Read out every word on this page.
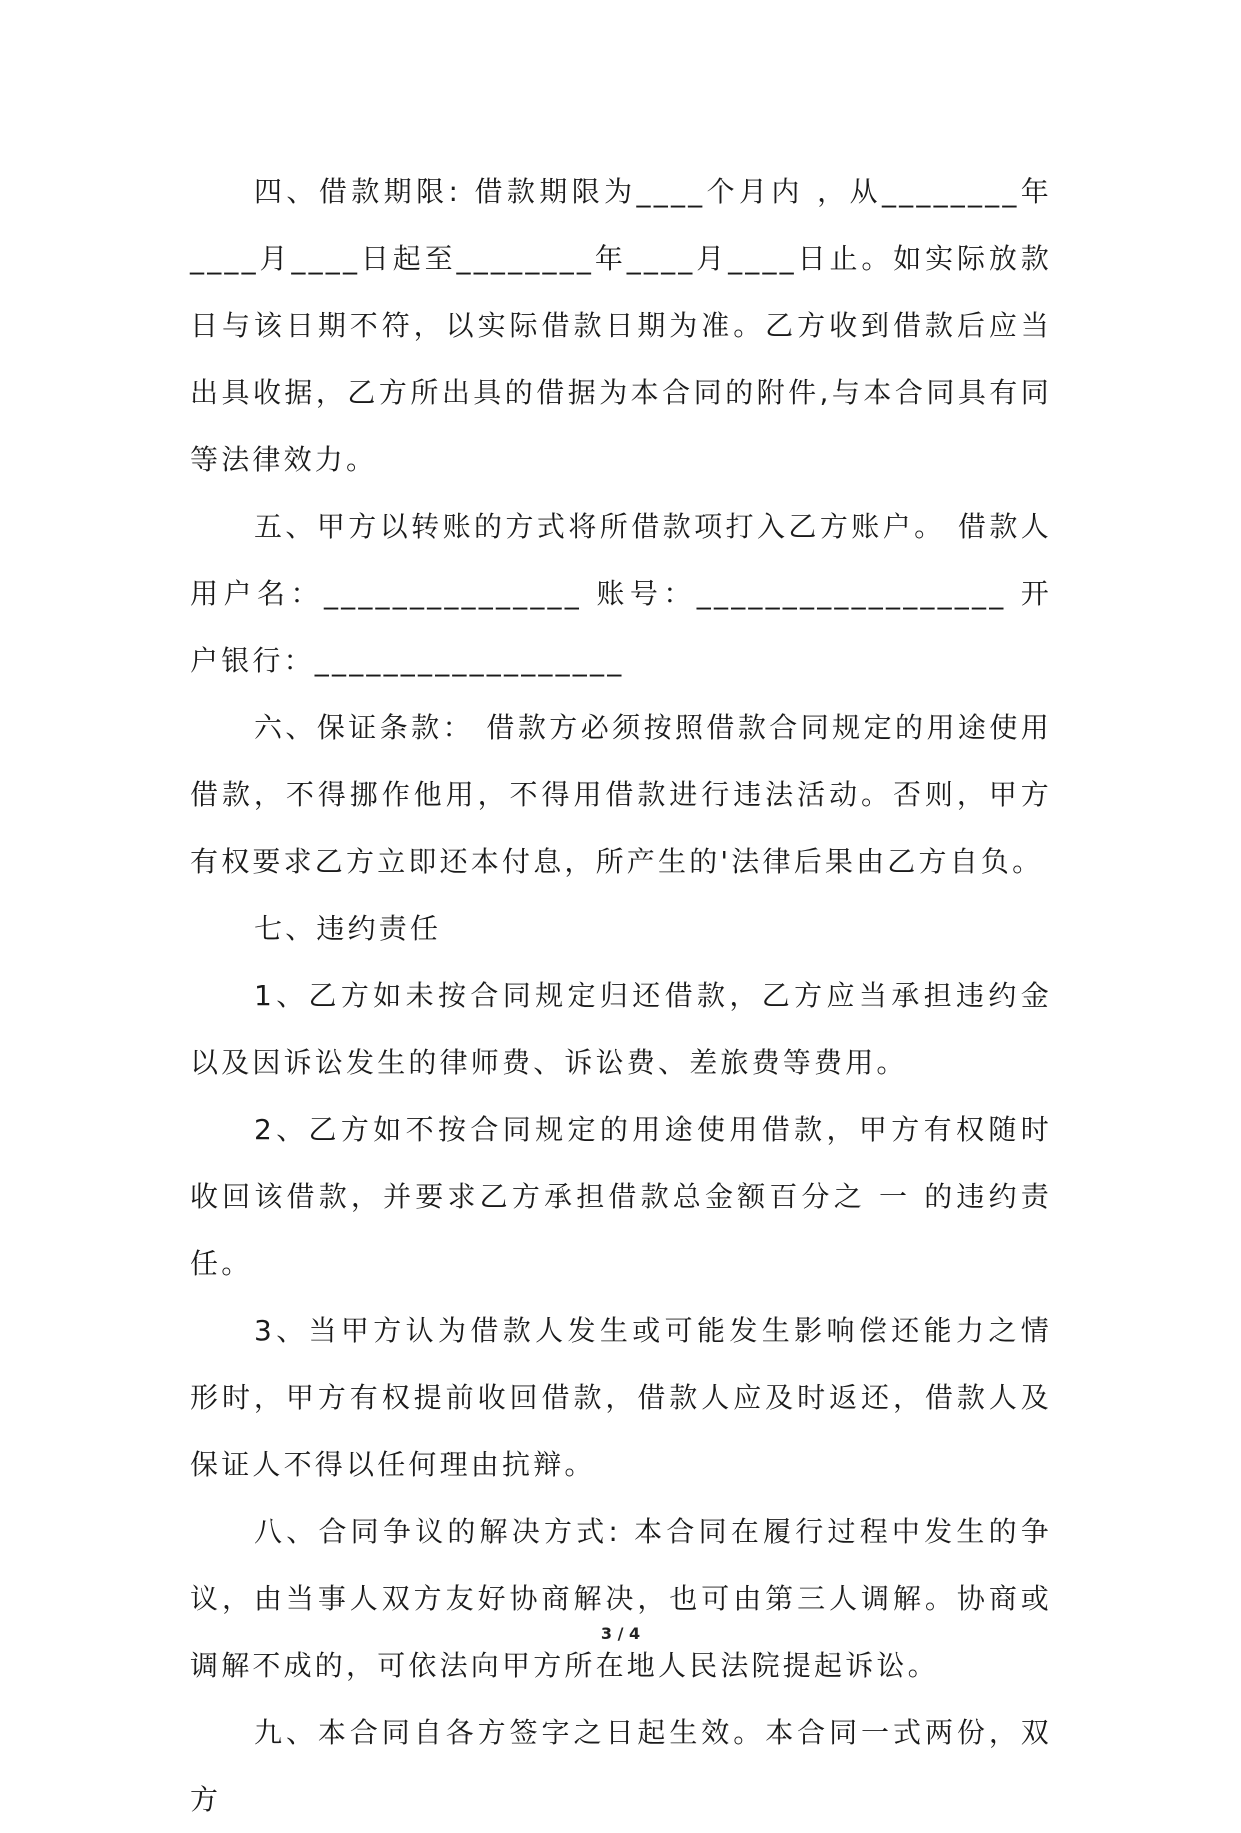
四、借款期限: 借款期限为____个月内 ，从________年____月____日起至________年____月____日止。如实际放款日与该日期不符，以实际借款日期为准。乙方收到借款后应当出具收据，乙方所出具的借据为本合同的附件,与本合同具有同等法律效力。

五、甲方以转账的方式将所借款项打入乙方账户。 借款人用户名：_______________ 账号：__________________ 开户银行：__________________

六、保证条款： 借款方必须按照借款合同规定的用途使用借款，不得挪作他用，不得用借款进行违法活动。否则，甲方有权要求乙方立即还本付息，所产生的'法律后果由乙方自负。

七、违约责任

1、乙方如未按合同规定归还借款，乙方应当承担违约金以及因诉讼发生的律师费、诉讼费、差旅费等费用。

2、乙方如不按合同规定的用途使用借款，甲方有权随时收回该借款，并要求乙方承担借款总金额百分之 一 的违约责任。

3、当甲方认为借款人发生或可能发生影响偿还能力之情形时，甲方有权提前收回借款，借款人应及时返还，借款人及保证人不得以任何理由抗辩。

八、合同争议的解决方式: 本合同在履行过程中发生的争议，由当事人双方友好协商解决，也可由第三人调解。协商或调解不成的，可依法向甲方所在地人民法院提起诉讼。

九、本合同自各方签字之日起生效。本合同一式两份，双方

3 / 4
